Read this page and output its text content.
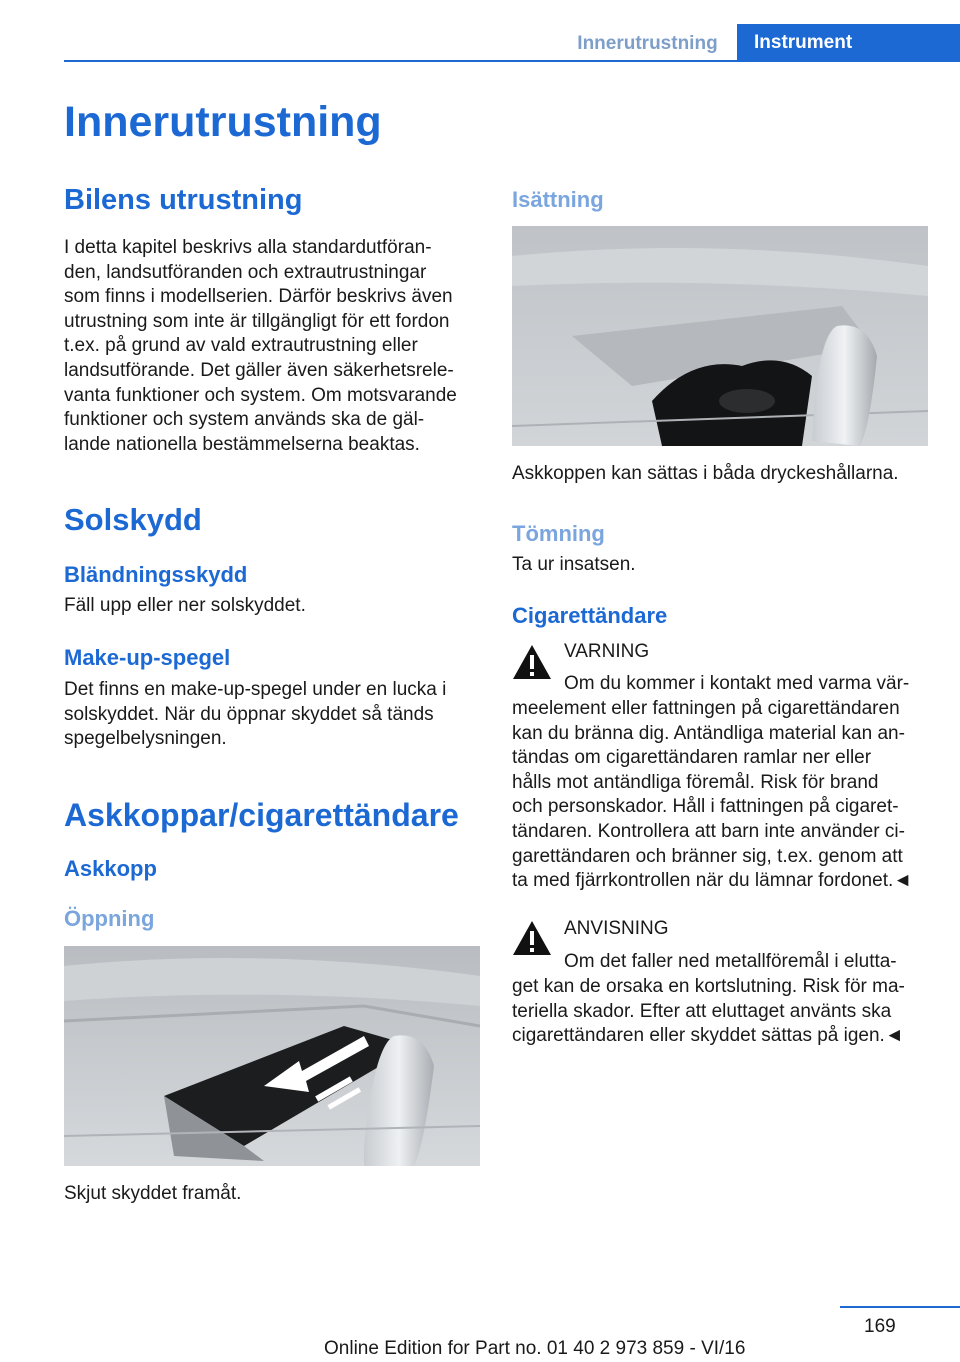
Innerutrustning	Instrument
Innerutrustning
Bilens utrustning

I detta kapitel beskrivs alla standardutföran-
den, landsutföranden och extrautrustningar
som finns i modellserien. Därför beskrivs även
utrustning som inte är tillgängligt för ett fordon
t.ex. på grund av vald extrautrustning eller
landsutförande. Det gäller även säkerhetsrele-
vanta funktioner och system. Om motsvarande
funktioner och system används ska de gäl-
lande nationella bestämmelserna beaktas.

Solskydd
Bländningsskydd

Fäll upp eller ner solskyddet.

Make-up-spegel

Det finns en make-up-spegel under en lucka i
solskyddet. När du öppnar skyddet så tänds
spegelbelysningen.

Askkoppar/cigarettändare
Askkopp
Öppning

Skjut skyddet framåt.

Isättning

Askkoppen kan sättas i båda dryckeshållarna.

Tömning

Ta ur insatsen.

Cigarettändare

VARNING

Om du kommer i kontakt med varma vär-

meelement eller fattningen på cigarettändaren
kan du bränna dig. Antändliga material kan an-
tändas om cigarettändaren ramlar ner eller
hålls mot antändliga föremål. Risk för brand
och personskador. Håll i fattningen på cigaret-
tändaren. Kontrollera att barn inte använder ci-
garettändaren och bränner sig, t.ex. genom att
ta med fjärrkontrollen när du lämnar fordonet.◄

ANVISNING

Om det faller ned metallföremål i elutta-

get kan de orsaka en kortslutning. Risk för ma-
teriella skador. Efter att eluttaget använts ska
cigarettändaren eller skyddet sättas på igen.◄

169
Online Edition for Part no. 01 40 2 973 859 - VI/16
